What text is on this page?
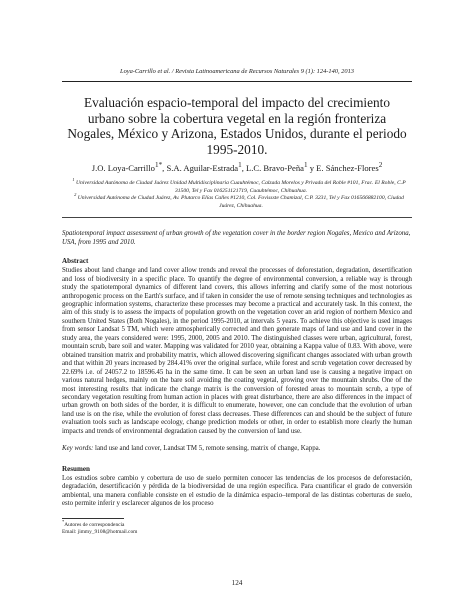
Loya-Carrillo et al. / Revista Latinoamericana de Recursos Naturales 9 (1): 124-140, 2013
Evaluación espacio-temporal del impacto del crecimiento urbano sobre la cobertura vegetal en la región fronteriza Nogales, México y Arizona, Estados Unidos, durante el periodo 1995-2010.
J.O. Loya-Carrillo$^{1*}$, S.A. Aguilar-Estrada$^1$, L.C. Bravo-Peña$^1$ y E. Sánchez-Flores$^2$
$^1$ Universidad Autónoma de Ciudad Juárez Unidad Multidisciplinaria Cuauhtémoc, Calzada Morelos y Privada del Roble #101, Frac. El Roble, C.P 31500, Tel y Fax 016251121719, Cuauhtémoc, Chihuahua.
$^2$ Universidad Autónoma de Ciudad Juárez, Av. Plutarco Elías Calles #1210, Col. Fovissste Chamizal, C.P. 3231, Tel y Fax 016566882100, Ciudad Juárez, Chihuahua.
Spatiotemporal impact assessment of urban growth of the vegetation cover in the border region Nogales, Mexico and Arizona, USA, from 1995 and 2010.
Abstract
Studies about land change and land cover allow trends and reveal the processes of deforestation, degradation, desertification and loss of biodiversity in a specific place. To quantify the degree of environmental conversion, a reliable way is through study the spatiotemporal dynamics of different land covers, this allows inferring and clarify some of the most notorious anthropogenic process on the Earth's surface, and if taken in consider the use of remote sensing techniques and technologies as geographic information systems, characterize these processes may become a practical and accurately task. In this context, the aim of this study is to assess the impacts of population growth on the vegetation cover an arid region of northern Mexico and southern United States (Both Nogales), in the period 1995-2010, at intervals 5 years. To achieve this objective is used images from sensor Landsat 5 TM, which were atmospherically corrected and then generate maps of land use and land cover in the study area, the years considered were: 1995, 2000, 2005 and 2010. The distinguished classes were urban, agricultural, forest, mountain scrub, bare soil and water. Mapping was validated for 2010 year, obtaining a Kappa value of 0.83. With above, were obtained transition matrix and probability matrix, which allowed discovering significant changes associated with urban growth and that within 20 years increased by 284.41% over the original surface, while forest and scrub vegetation cover decreased by 22.69% i.e. of 24057.2 to 18596.45 ha in the same time. It can be seen an urban land use is causing a negative impact on various natural hedges, mainly on the bare soil avoiding the coating vegetal, growing over the mountain shrubs. One of the most interesting results that indicate the change matrix is the conversion of forested areas to mountain scrub, a type of secondary vegetation resulting from human action in places with great disturbance, there are also differences in the impact of urban growth on both sides of the border, it is difficult to enumerate, however, one can conclude that the evolution of urban land use is on the rise, while the evolution of forest class decreases. These differences can and should be the subject of future evaluation tools such as landscape ecology, change prediction models or other, in order to establish more clearly the human impacts and trends of environmental degradation caused by the conversion of land use.
Key words: land use and land cover, Landsat TM 5, remote sensing, matrix of change, Kappa.
Resumen
Los estudios sobre cambio y cobertura de uso de suelo permiten conocer las tendencias de los procesos de deforestación, degradación, desertificación y pérdida de la biodiversidad de una región específica. Para cuantificar el grado de conversión ambiental, una manera confiable consiste en el estudio de la dinámica espacio–temporal de las distintas coberturas de suelo, esto permite inferir y esclarecer algunos de los proceso
*Autores de correspondencia
Email: jimmy_9108@hotmail.com
124
